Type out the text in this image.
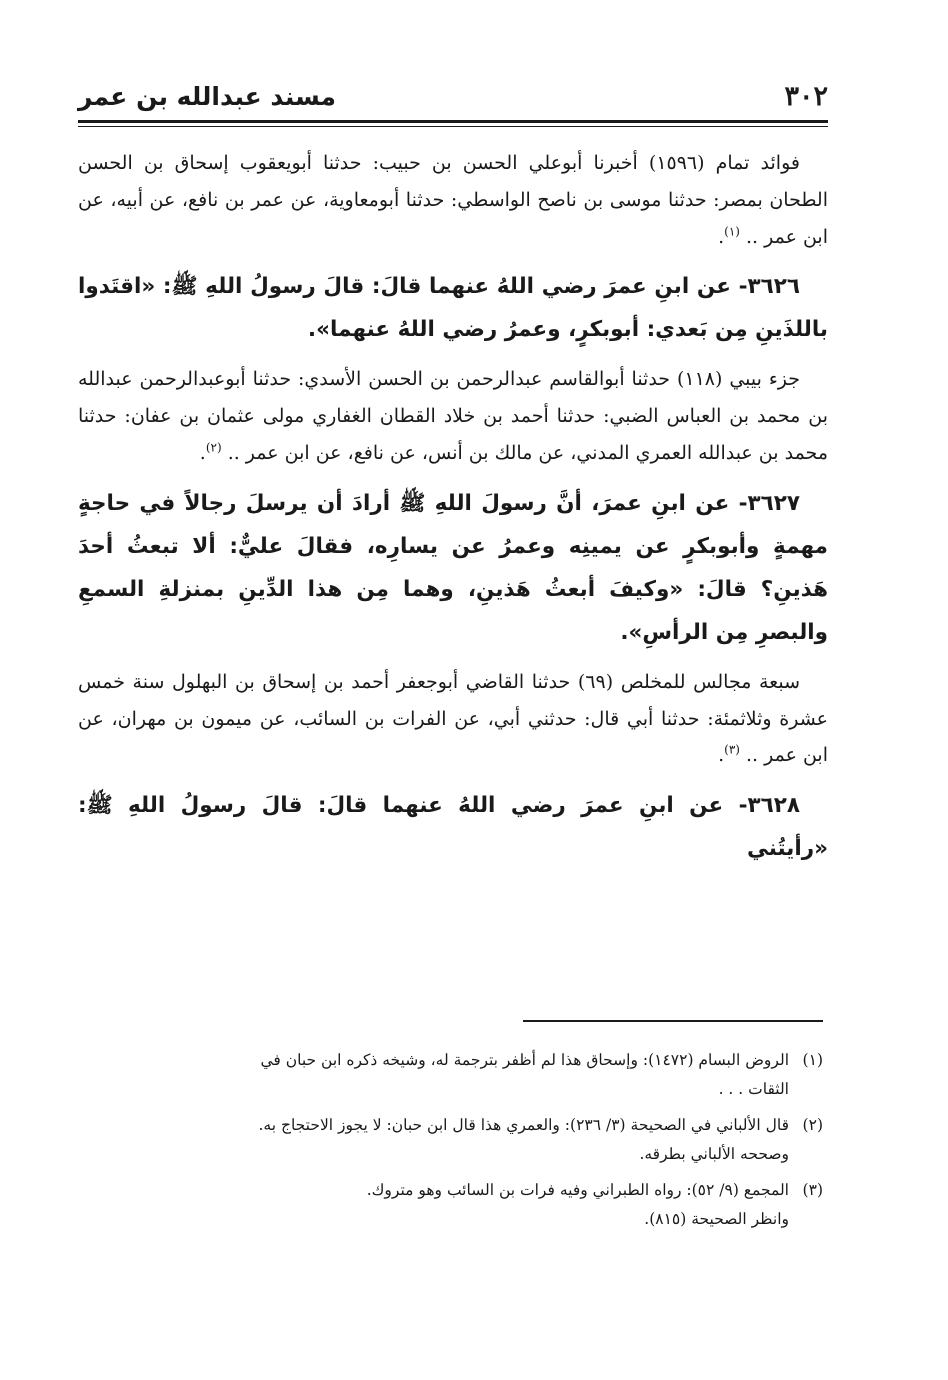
٣٠٢
مسند عبدالله بن عمر

فوائد تمام (١٥٩٦) أخبرنا أبوعلي الحسن بن حبيب: حدثنا أبويعقوب إسحاق بن الحسن الطحان بمصر: حدثنا موسى بن ناصح الواسطي: حدثنا أبومعاوية، عن عمر بن نافع، عن أبيه، عن ابن عمر .. $^{(١)}$.

٣٦٢٦- عن ابنِ عمرَ رضي اللهُ عنهما قالَ: قالَ رسولُ اللهِ ﷺ: «اقتَدوا باللذَينِ مِن بَعدي: أبوبكرٍ، وعمرُ رضي اللهُ عنهما».

جزء بيبي (١١٨) حدثنا أبوالقاسم عبدالرحمن بن الحسن الأسدي: حدثنا أبوعبدالرحمن عبدالله بن محمد بن العباس الضبي: حدثنا أحمد بن خلاد القطان الغفاري مولى عثمان بن عفان: حدثنا محمد بن عبدالله العمري المدني، عن مالك بن أنس، عن نافع، عن ابن عمر .. $^{(٢)}$.

٣٦٢٧- عن ابنِ عمرَ، أنَّ رسولَ اللهِ ﷺ أرادَ أن يرسلَ رجالاً في حاجةٍ مهمةٍ وأبوبكرٍ عن يمينِه وعمرُ عن يسارِه، فقالَ عليٌّ: ألا تبعثُ أحدَ هَذينِ؟ قالَ: «وكيفَ أبعثُ هَذينِ، وهما مِن هذا الدِّينِ بمنزلةِ السمعِ والبصرِ مِن الرأسِ».

سبعة مجالس للمخلص (٦٩) حدثنا القاضي أبوجعفر أحمد بن إسحاق بن البهلول سنة خمس عشرة وثلاثمئة: حدثنا أبي قال: حدثني أبي، عن الفرات بن السائب، عن ميمون بن مهران، عن ابن عمر .. $^{(٣)}$.

٣٦٢٨- عن ابنِ عمرَ رضي اللهُ عنهما قالَ: قالَ رسولُ اللهِ ﷺ: «رأيتُني

(١)
الروض البسام (١٤٧٢): وإسحاق هذا لم أظفر بترجمة له، وشيخه ذكره ابن حبان في
الثقات . . .
(٢)
قال الألباني في الصحيحة (٣/ ٢٣٦): والعمري هذا قال ابن حبان: لا يجوز الاحتجاج به.
وصححه الألباني بطرقه.
(٣)
المجمع (٩/ ٥٢): رواه الطبراني وفيه فرات بن السائب وهو متروك.
وانظر الصحيحة (٨١٥).
